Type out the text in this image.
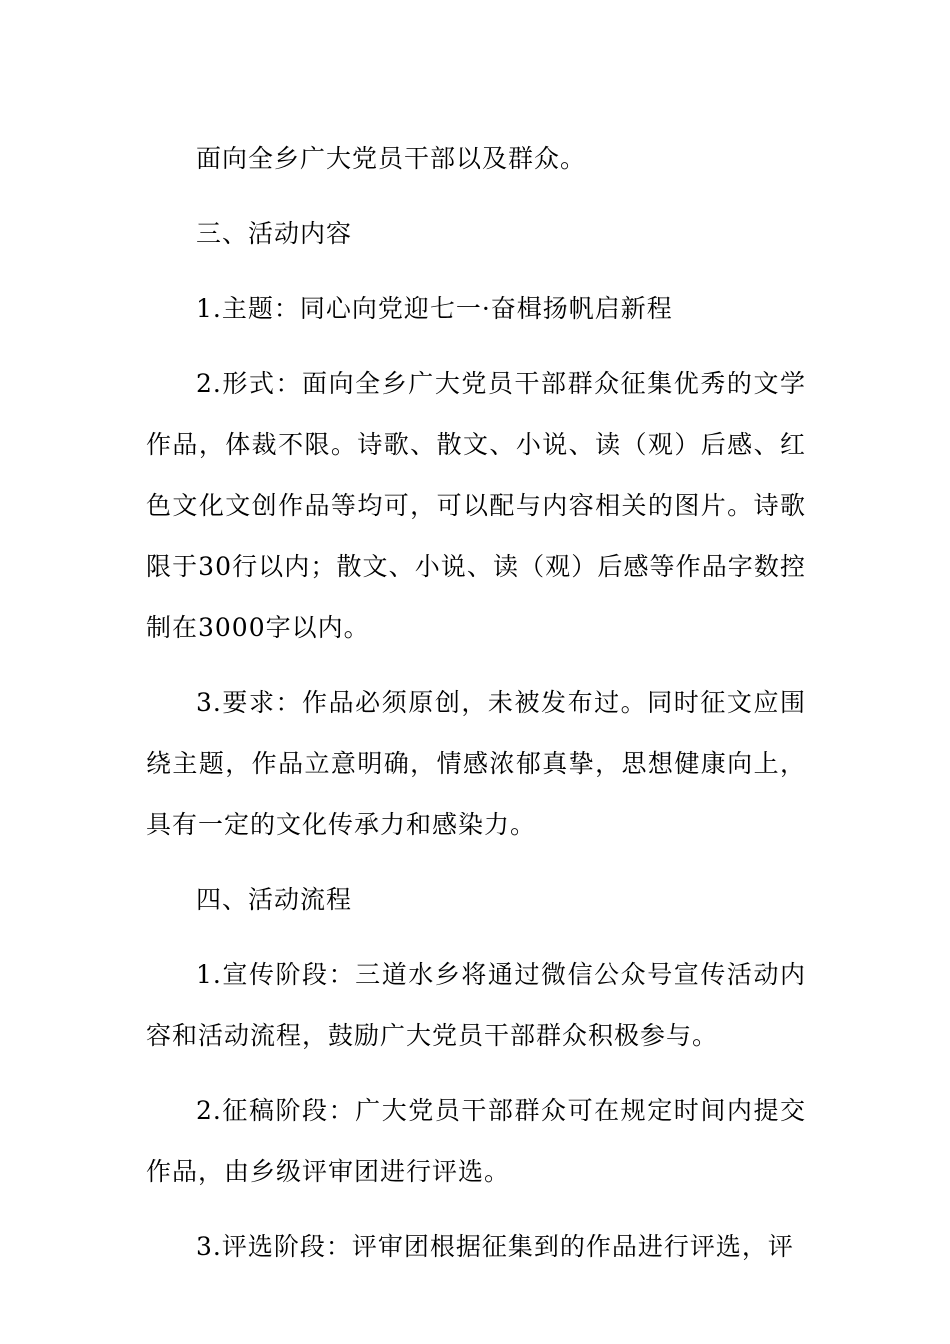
面向全乡广大党员干部以及群众。

三、活动内容

1.主题：同心向党迎七一·奋楫扬帆启新程

2.形式：面向全乡广大党员干部群众征集优秀的文学作品，体裁不限。诗歌、散文、小说、读（观）后感、红色文化文创作品等均可，可以配与内容相关的图片。诗歌限于30行以内；散文、小说、读（观）后感等作品字数控制在3000字以内。

3.要求：作品必须原创，未被发布过。同时征文应围绕主题，作品立意明确，情感浓郁真挚，思想健康向上，具有一定的文化传承力和感染力。

四、活动流程

1.宣传阶段：三道水乡将通过微信公众号宣传活动内容和活动流程，鼓励广大党员干部群众积极参与。

2.征稿阶段：广大党员干部群众可在规定时间内提交作品，由乡级评审团进行评选。

3.评选阶段：评审团根据征集到的作品进行评选，评
